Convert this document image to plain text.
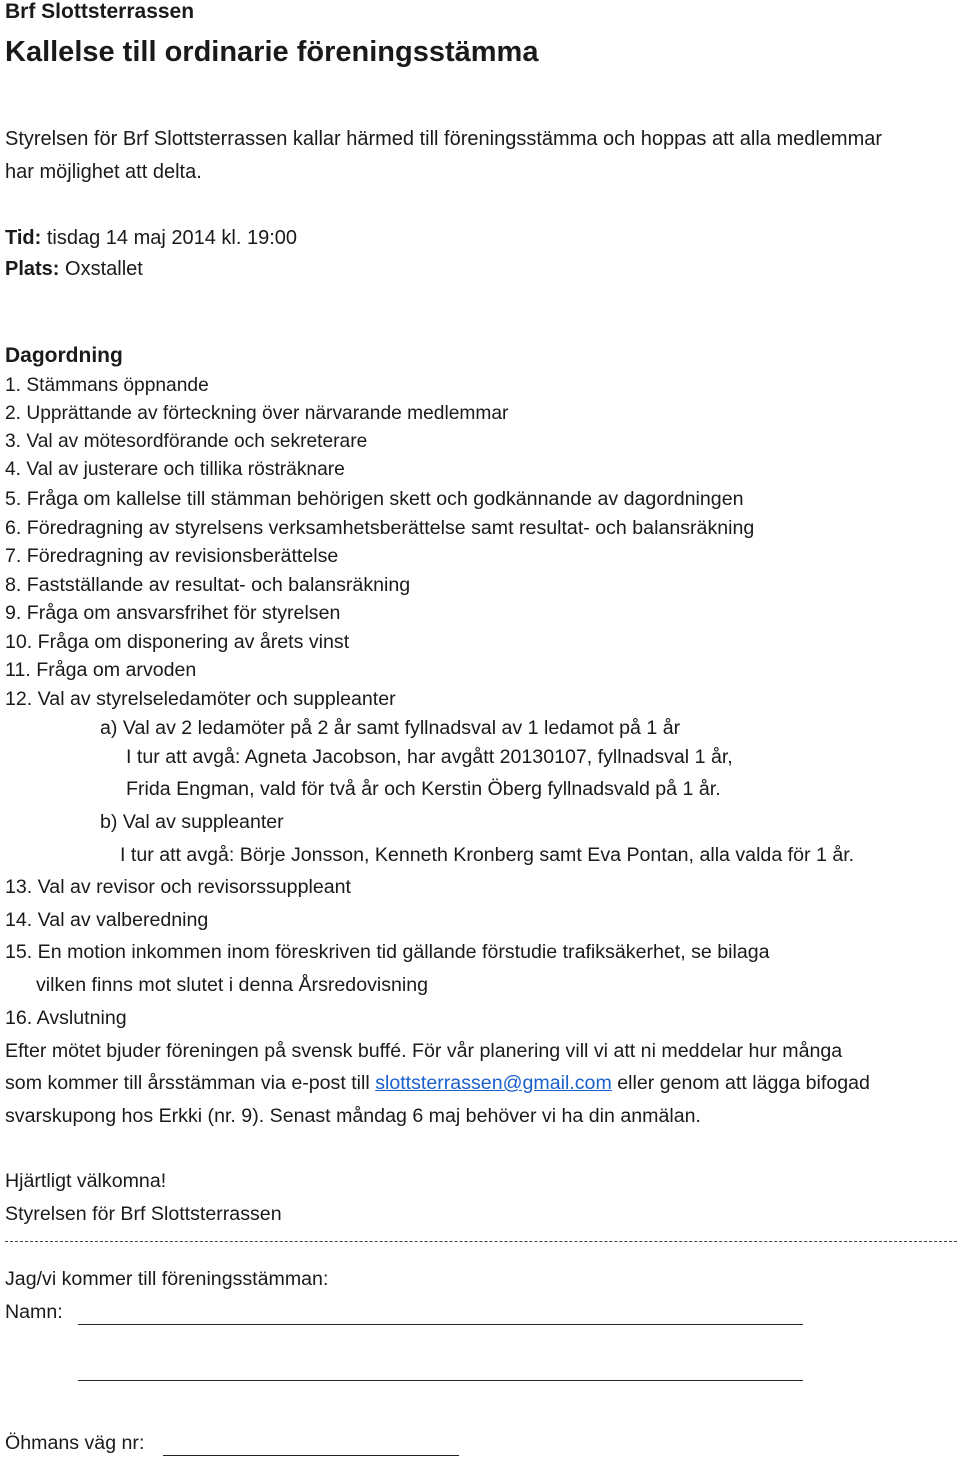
Brf Slottsterrassen
Kallelse till ordinarie föreningsstämma
Styrelsen för Brf Slottsterrassen kallar härmed till föreningsstämma och hoppas att alla medlemmar
har möjlighet att delta.
Tid: tisdag 14 maj 2014 kl. 19:00
Plats: Oxstallet
Dagordning
1. Stämmans öppnande
2. Upprättande av förteckning över närvarande medlemmar
3. Val av mötesordförande och sekreterare
4. Val av justerare och tillika rösträknare
5. Fråga om kallelse till stämman behörigen skett och godkännande av dagordningen
6. Föredragning av styrelsens verksamhetsberättelse samt resultat- och balansräkning
7. Föredragning av revisionsberättelse
8. Fastställande av resultat- och balansräkning
9. Fråga om ansvarsfrihet för styrelsen
10. Fråga om disponering av årets vinst
11. Fråga om arvoden
12. Val av styrelseledamöter och suppleanter
a) Val av 2 ledamöter på 2 år samt fyllnadsval av 1 ledamot på 1 år
I tur att avgå: Agneta Jacobson, har avgått 20130107, fyllnadsval 1 år,
Frida Engman, vald för två år och Kerstin Öberg fyllnadsvald på 1 år.
b) Val av suppleanter
I tur att avgå: Börje Jonsson, Kenneth Kronberg samt Eva Pontan, alla valda för 1 år.
13. Val av revisor och revisorssuppleant
14. Val av valberedning
15. En motion inkommen inom föreskriven tid gällande förstudie trafiksäkerhet, se bilaga
vilken finns mot slutet i denna Årsredovisning
16. Avslutning
Efter mötet bjuder föreningen på svensk buffé. För vår planering vill vi att ni meddelar hur många
som kommer till årsstämman via e-post till slottsterrassen@gmail.com eller genom att lägga bifogad
svarskupong hos Erkki (nr. 9). Senast måndag 6 maj behöver vi ha din anmälan.
Hjärtligt välkomna!
Styrelsen för Brf Slottsterrassen
Jag/vi kommer till föreningsstämman:
Namn:
Öhmans väg nr:
